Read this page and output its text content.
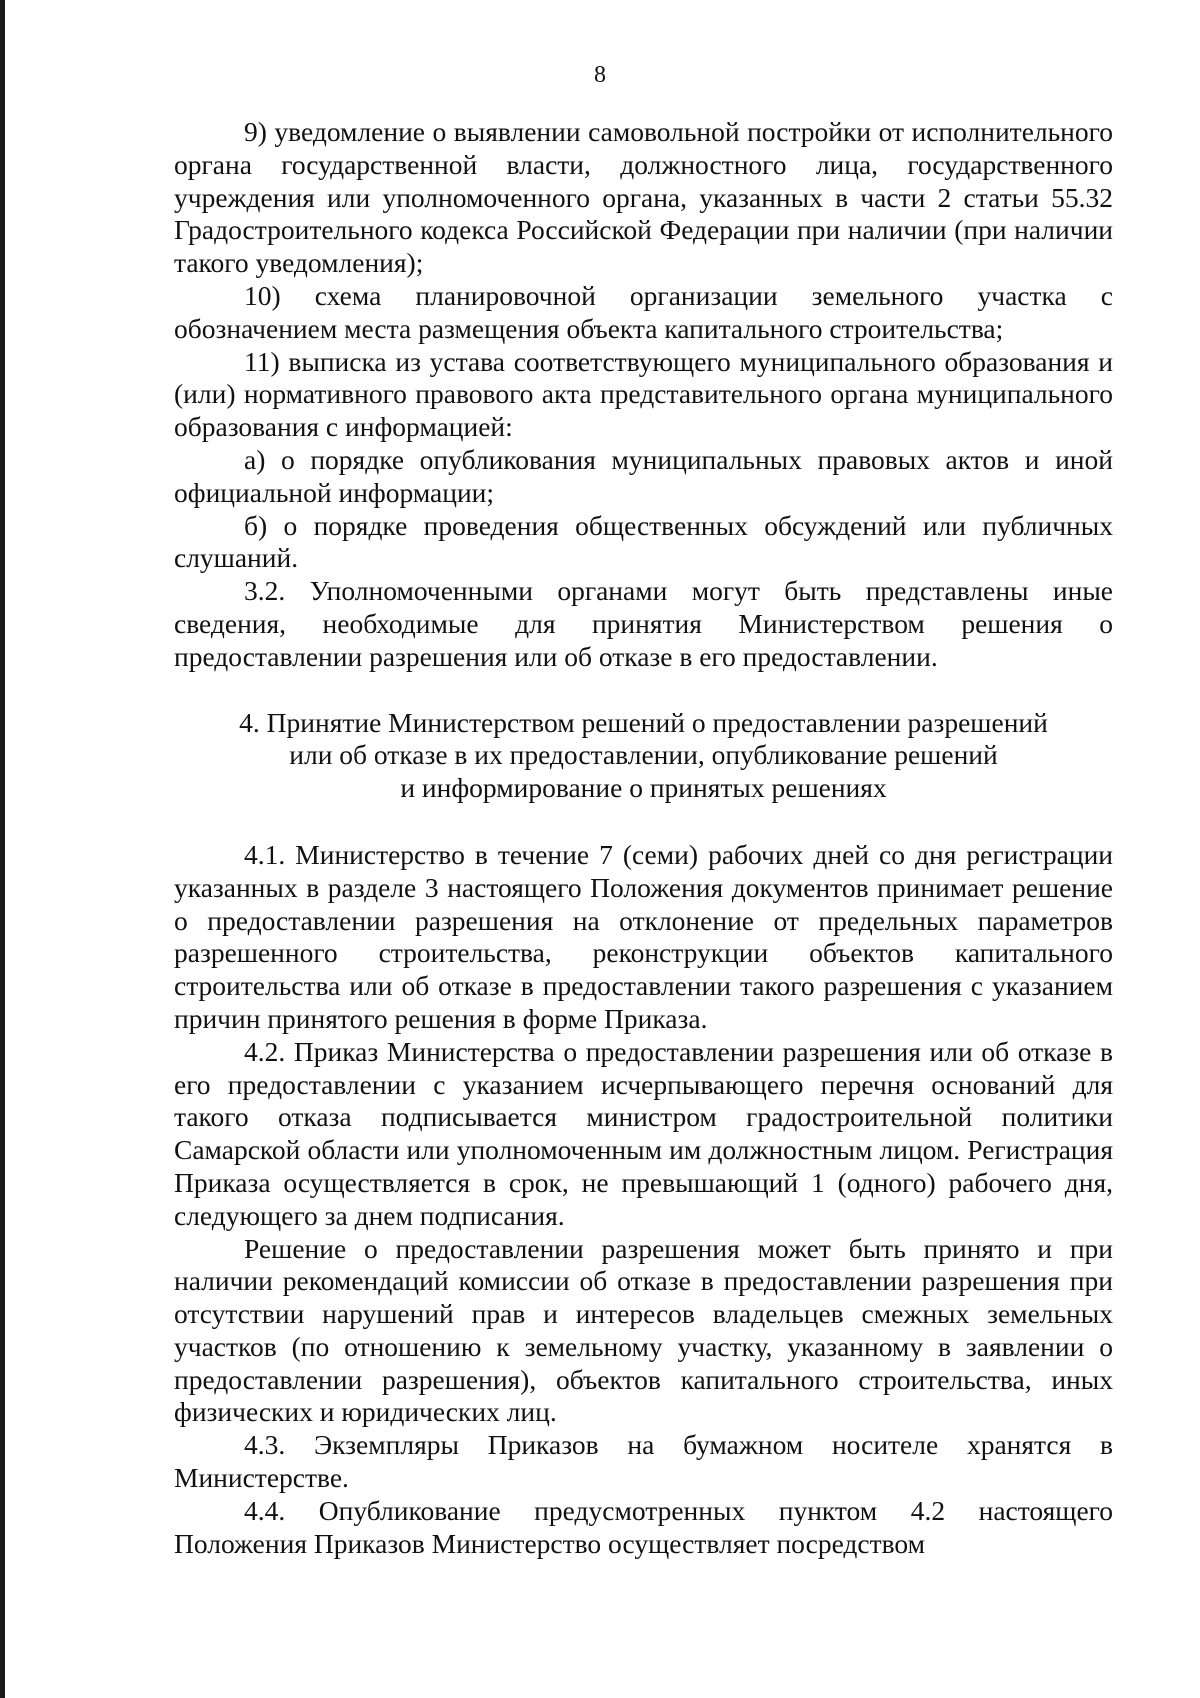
8

9) уведомление о выявлении самовольной постройки от исполнительного органа государственной власти, должностного лица, государственного учреждения или уполномоченного органа, указанных в части 2 статьи 55.32 Градостроительного кодекса Российской Федерации при наличии (при наличии такого уведомления);

10) схема планировочной организации земельного участка с обозначением места размещения объекта капитального строительства;

11) выписка из устава соответствующего муниципального образования и (или) нормативного правового акта представительного органа муниципального образования с информацией:

а) о порядке опубликования муниципальных правовых актов и иной официальной информации;

б) о порядке проведения общественных обсуждений или публичных слушаний.

3.2. Уполномоченными органами могут быть представлены иные сведения, необходимые для принятия Министерством решения о предоставлении разрешения или об отказе в его предоставлении.

4. Принятие Министерством решений о предоставлении разрешений

или об отказе в их предоставлении, опубликование решений

и информирование о принятых решениях

4.1. Министерство в течение 7 (семи) рабочих дней со дня регистрации указанных в разделе 3 настоящего Положения документов принимает решение о предоставлении разрешения на отклонение от предельных параметров разрешенного строительства, реконструкции объектов капитального строительства или об отказе в предоставлении такого разрешения с указанием причин принятого решения в форме Приказа.

4.2. Приказ Министерства о предоставлении разрешения или об отказе в его предоставлении с указанием исчерпывающего перечня оснований для такого отказа подписывается министром градостроительной политики Самарской области или уполномоченным им должностным лицом. Регистрация Приказа осуществляется в срок, не превышающий 1 (одного) рабочего дня, следующего за днем подписания.

Решение о предоставлении разрешения может быть принято и при наличии рекомендаций комиссии об отказе в предоставлении разрешения при отсутствии нарушений прав и интересов владельцев смежных земельных участков (по отношению к земельному участку, указанному в заявлении о предоставлении разрешения), объектов капитального строительства, иных физических и юридических лиц.

4.3. Экземпляры Приказов на бумажном носителе хранятся в Министерстве.

4.4. Опубликование предусмотренных пунктом 4.2 настоящего Положения Приказов Министерство осуществляет посредством
